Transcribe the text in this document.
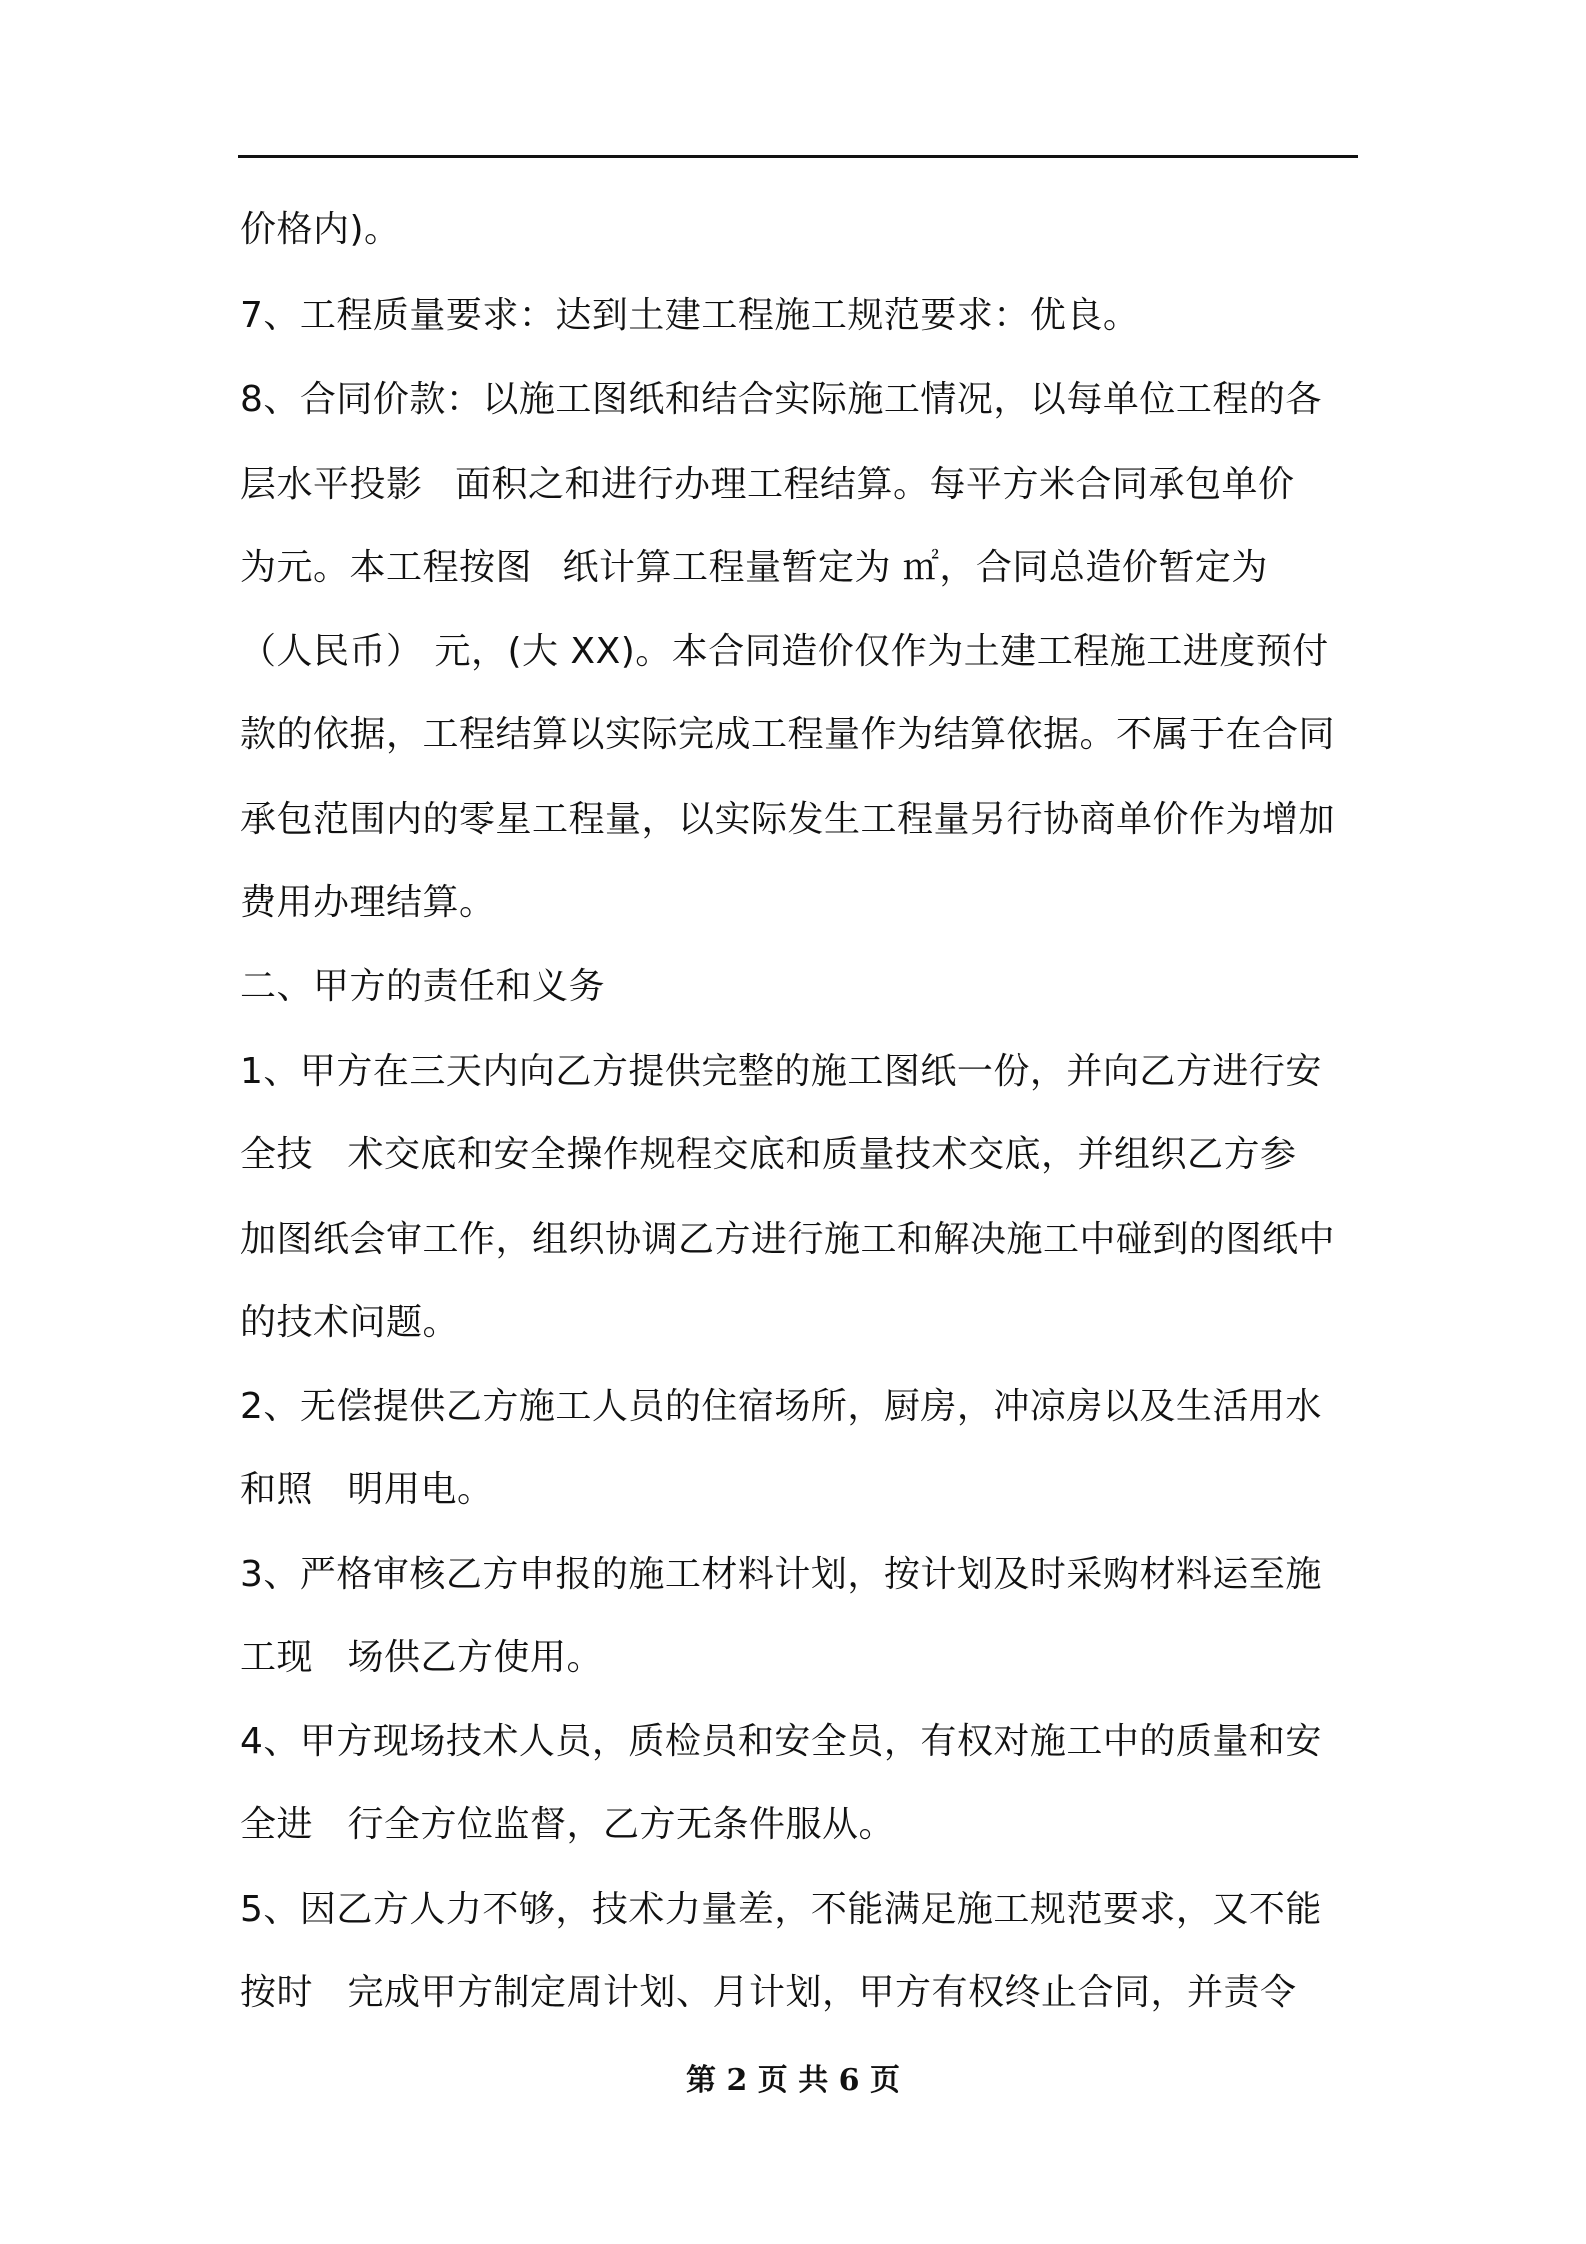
价格内)。
7、工程质量要求：达到土建工程施工规范要求：优良。
8、合同价款：以施工图纸和结合实际施工情况，以每单位工程的各
层水平投影	面积之和进行办理工程结算。每平方米合同承包单价
为元。本工程按图	纸计算工程量暂定为 ㎡，合同总造价暂定为
（人民币） 元，(大 XX)。本合同造价仅作为土建工程施工进度预付
款的依据，工程结算以实际完成工程量作为结算依据。不属于在合同
承包范围内的零星工程量，以实际发生工程量另行协商单价作为增加
费用办理结算。
二、甲方的责任和义务
1、甲方在三天内向乙方提供完整的施工图纸一份，并向乙方进行安
全技	术交底和安全操作规程交底和质量技术交底，并组织乙方参
加图纸会审工作，组织协调乙方进行施工和解决施工中碰到的图纸中
的技术问题。
2、无偿提供乙方施工人员的住宿场所，厨房，冲凉房以及生活用水
和照	明用电。
3、严格审核乙方申报的施工材料计划，按计划及时采购材料运至施
工现	场供乙方使用。
4、甲方现场技术人员，质检员和安全员，有权对施工中的质量和安
全进	行全方位监督，乙方无条件服从。
5、因乙方人力不够，技术力量差，不能满足施工规范要求，又不能
按时	完成甲方制定周计划、月计划，甲方有权终止合同，并责令
第 2 页 共 6 页
